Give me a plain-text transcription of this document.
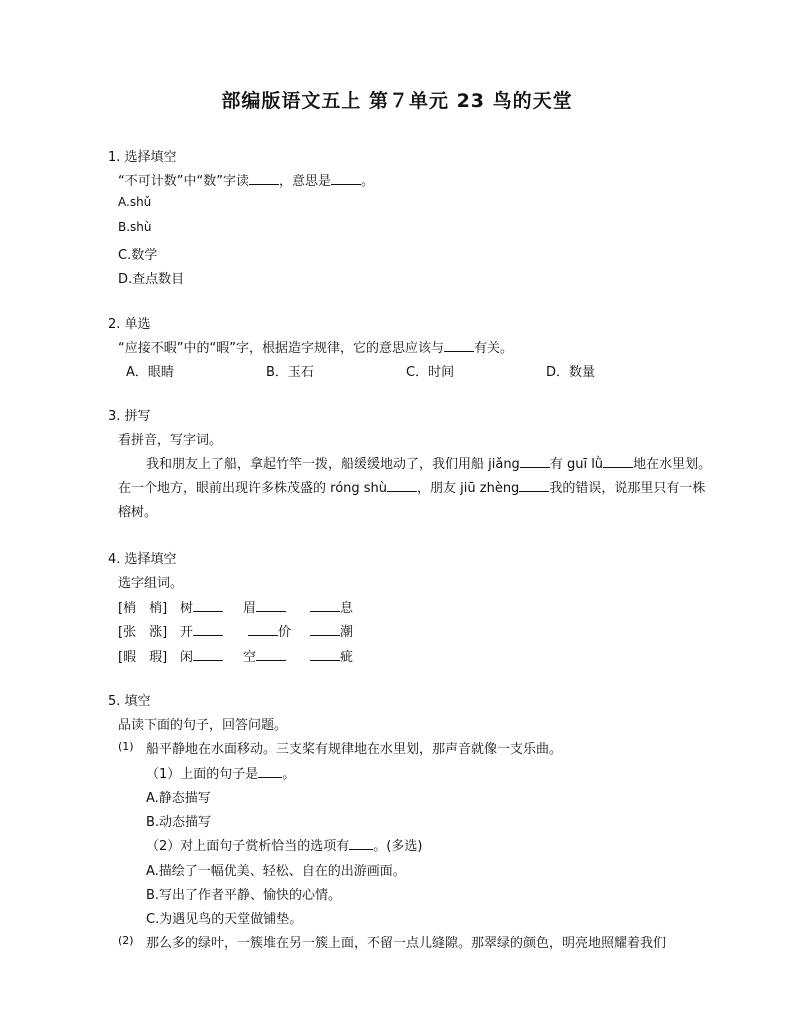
部编版语文五上 第７单元 23 鸟的天堂
1. 选择填空
“不可计数”中“数”字读 ，意思是 。
A.shǔ
B.shù
C.数学
D.查点数目
2. 单选
“应接不暇”中的“暇”字，根据造字规律，它的意思应该与 有关。
A．眼睛	B．玉石	C．时间	D．数量
3. 拼写
看拼音，写字词。
我和朋友上了船，拿起竹竿一拨，船缓缓地动了，我们用船 jiǎng 有 guī lǜ 地在水里划。
在一个地方，眼前出现许多株茂盛的 róng shù ，朋友 jiū zhèng 我的错误，说那里只有一株
榕树。
4. 选择填空
选字组词。
[梢　梢] 树	眉	息
[张　涨] 开	价	潮
[暇　瑕] 闲	空	疵
5. 填空
品读下面的句子，回答问题。
(1) 船平静地在水面移动。三支桨有规律地在水里划，那声音就像一支乐曲。
（1）上面的句子是 。
A.静态描写
B.动态描写
（2）对上面句子赏析恰当的选项有 。(多选)
A.描绘了一幅优美、轻松、自在的出游画面。
B.写出了作者平静、愉快的心情。
C.为遇见鸟的天堂做铺垫。
(2) 那么多的绿叶，一簇堆在另一簇上面，不留一点儿缝隙。那翠绿的颜色，明亮地照耀着我们
